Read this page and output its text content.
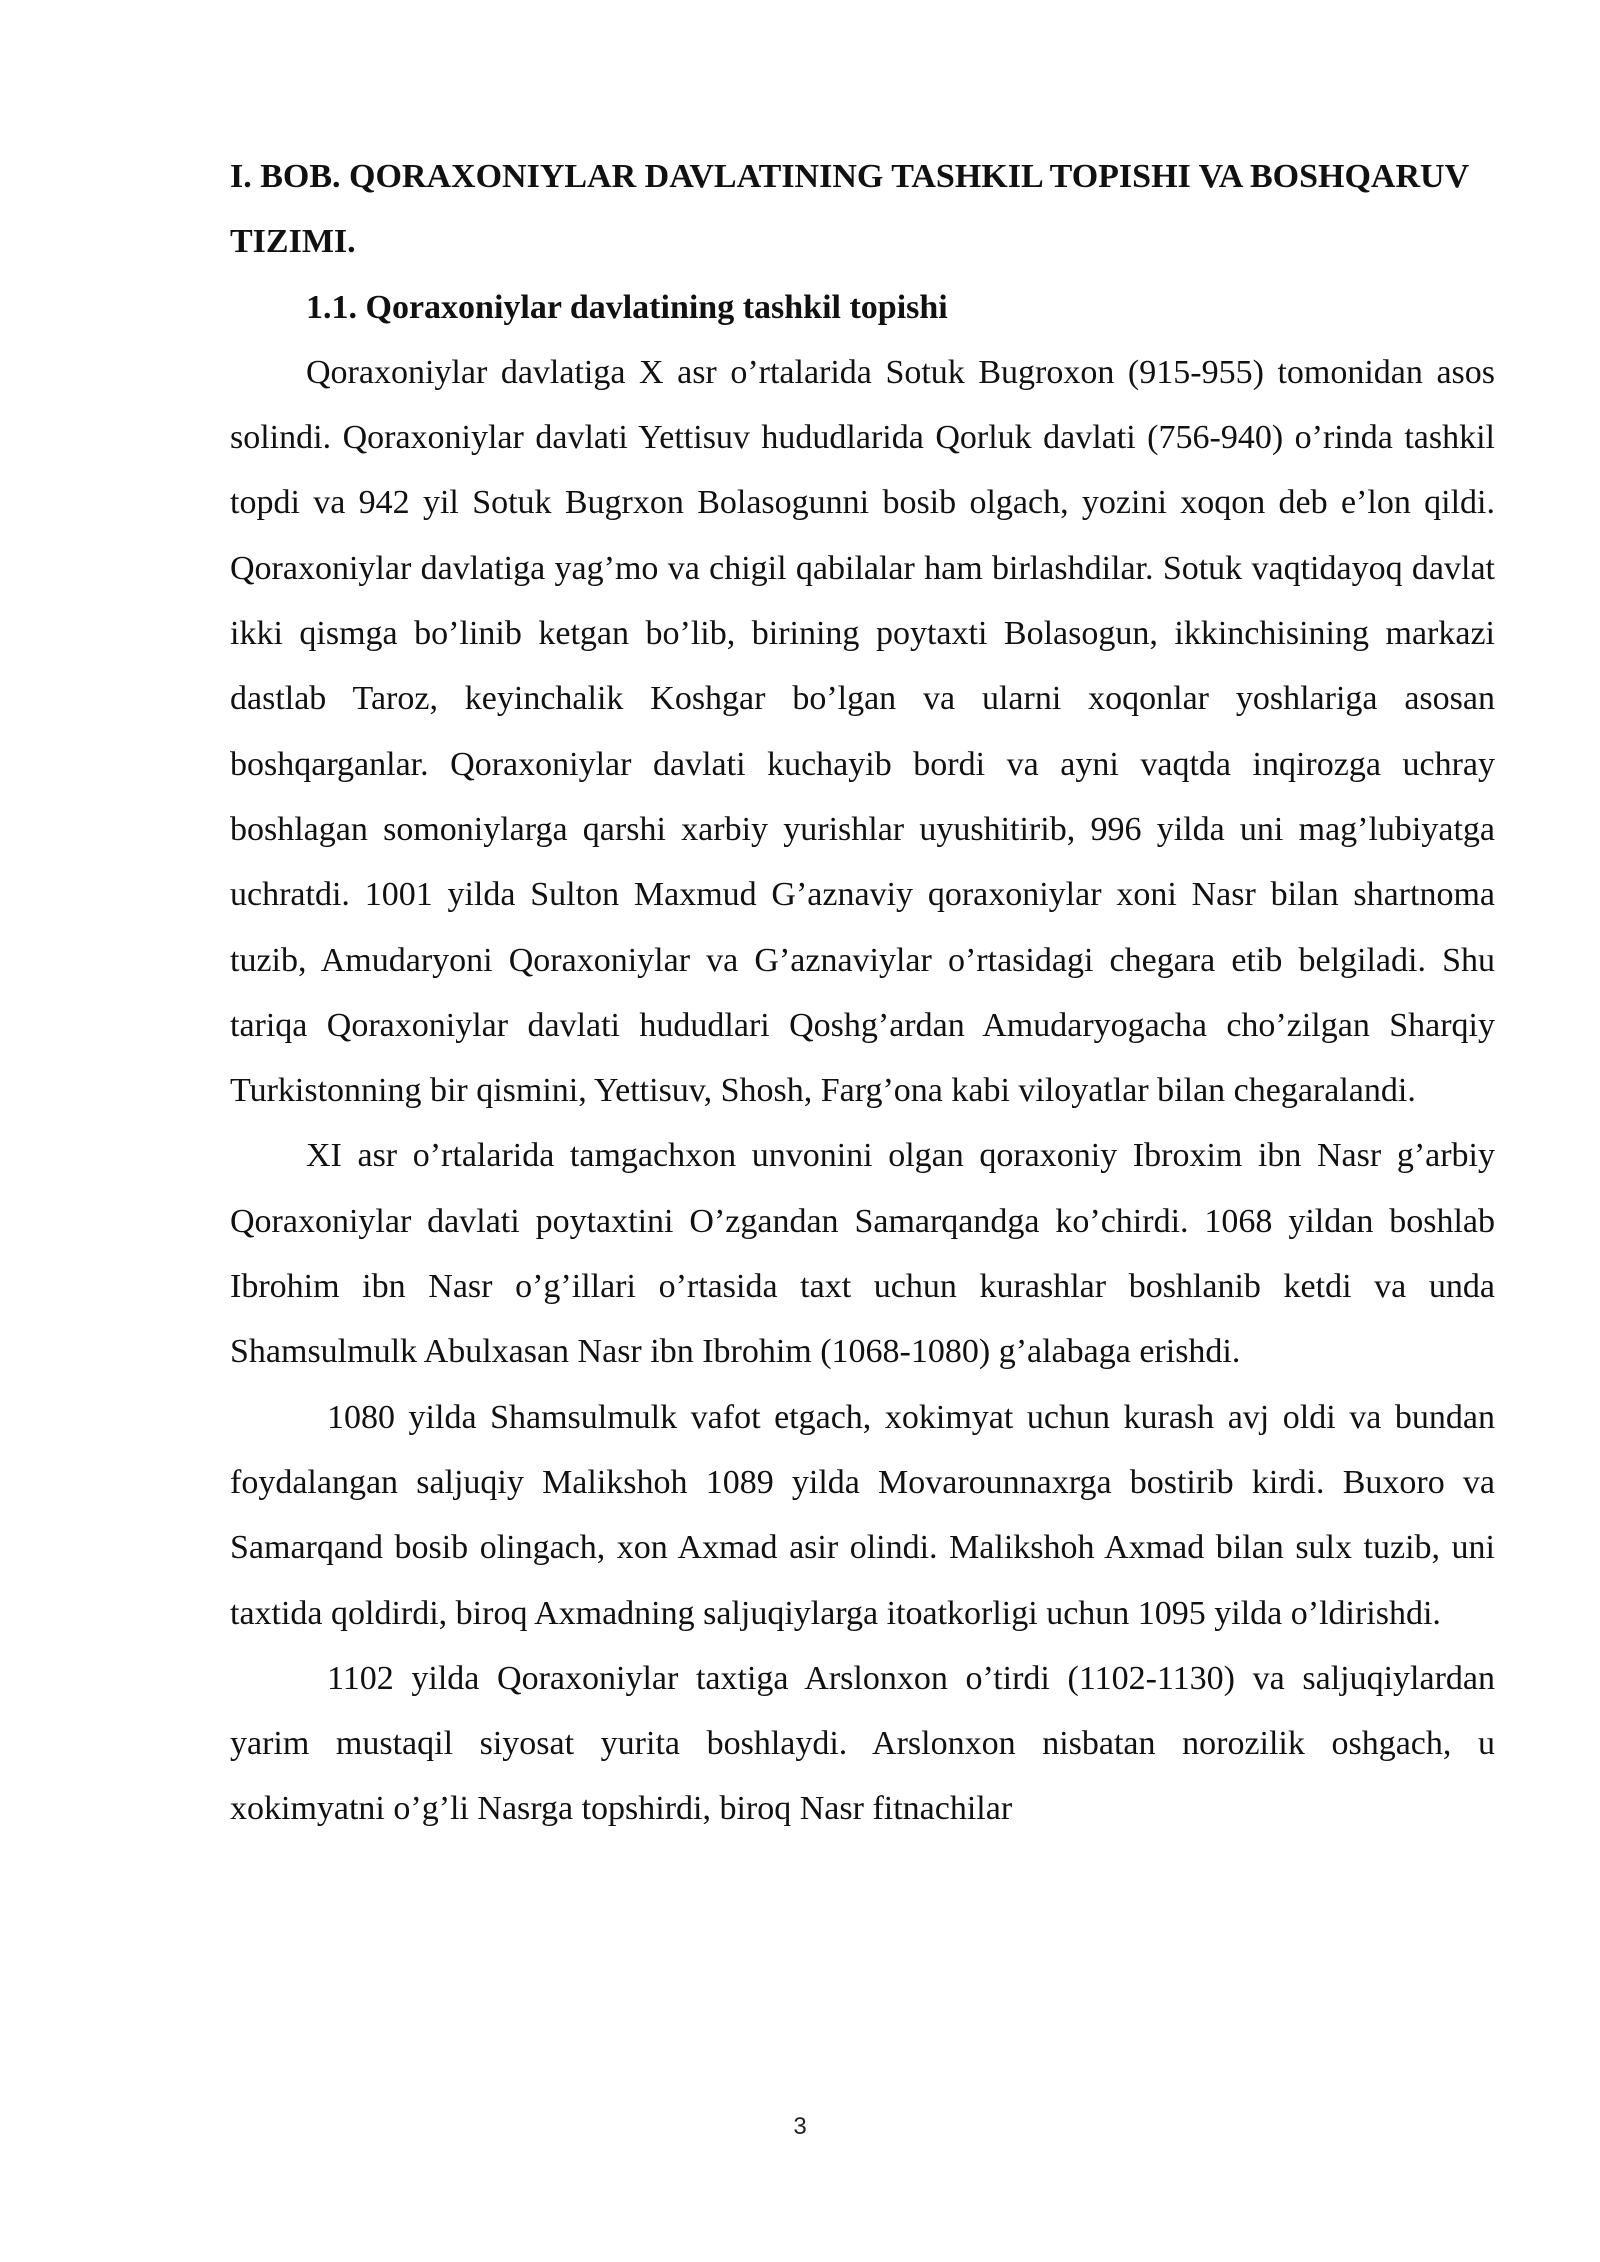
I. BOB. QORAXONIYLAR DAVLATINING TASHKIL TOPISHI VA BOSHQARUV TIZIMI.
1.1. Qoraxoniylar davlatining tashkil topishi

Qoraxoniylar davlatiga X asr o’rtalarida Sotuk Bugroxon (915-955) tomonidan asos solindi. Qoraxoniylar davlati Yettisuv hududlarida Qorluk davlati (756-940) o’rinda tashkil topdi va 942 yil Sotuk Bugrxon Bolasogunni bosib olgach, yozini xoqon deb e’lon qildi. Qoraxoniylar davlatiga yag’mo va chigil qabilalar ham birlashdilar. Sotuk vaqtidayoq davlat ikki qismga bo’linib ketgan bo’lib, birining poytaxti Bolasogun, ikkinchisining markazi dastlab Taroz, keyinchalik Koshgar bo’lgan va ularni xoqonlar yoshlariga asosan boshqarganlar. Qoraxoniylar davlati kuchayib bordi va ayni vaqtda inqirozga uchray boshlagan somoniylarga qarshi xarbiy yurishlar uyushitirib, 996 yilda uni mag’lubiyatga uchratdi. 1001 yilda Sulton Maxmud G’aznaviy qoraxoniylar xoni Nasr bilan shartnoma tuzib, Amudaryoni Qoraxoniylar va G’aznaviylar o’rtasidagi chegara etib belgiladi. Shu tariqa Qoraxoniylar davlati hududlari Qoshg’ardan Amudaryogacha cho’zilgan Sharqiy Turkistonning bir qismini, Yettisuv, Shosh, Farg’ona kabi viloyatlar bilan chegaralandi.

XI asr o’rtalarida tamgachxon unvonini olgan qoraxoniy Ibroxim ibn Nasr g’arbiy Qoraxoniylar davlati poytaxtini O’zgandan Samarqandga ko’chirdi. 1068 yildan boshlab Ibrohim ibn Nasr o’g’illari o’rtasida taxt uchun kurashlar boshlanib ketdi va unda Shamsulmulk Abulxasan Nasr ibn Ibrohim (1068-1080) g’alabaga erishdi.

1080 yilda Shamsulmulk vafot etgach, xokimyat uchun kurash avj oldi va bundan foydalangan saljuqiy Malikshoh 1089 yilda Movarounnaxrga bostirib kirdi. Buxoro va Samarqand bosib olingach, xon Axmad asir olindi. Malikshoh Axmad bilan sulx tuzib, uni taxtida qoldirdi, biroq Axmadning saljuqiylarga itoatkorligi uchun 1095 yilda o’ldirishdi.

1102 yilda Qoraxoniylar taxtiga Arslonxon o’tirdi (1102-1130) va saljuqiylardan yarim mustaqil siyosat yurita boshlaydi. Arslonxon nisbatan norozilik oshgach, u xokimyatni o’g’li Nasrga topshirdi, biroq Nasr fitnachilar

3
